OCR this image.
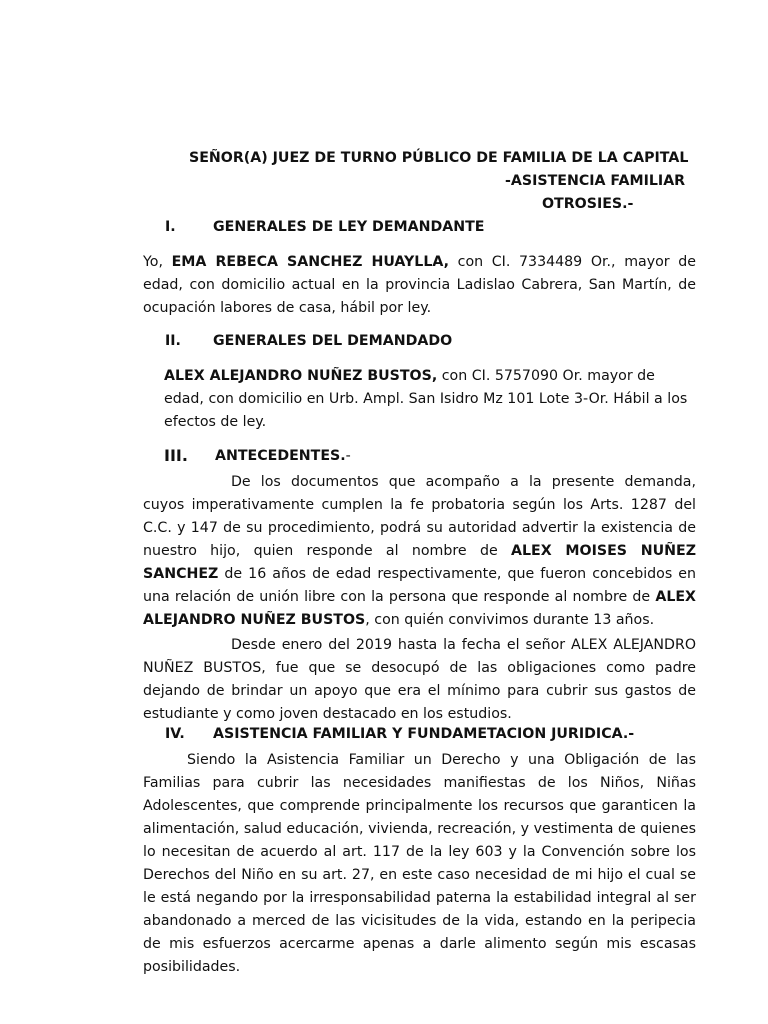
SEÑOR(A) JUEZ DE TURNO PÚBLICO DE FAMILIA DE LA CAPITAL
-ASISTENCIA FAMILIAR
OTROSIES.-
I.	GENERALES DE LEY DEMANDANTE

Yo, EMA REBECA SANCHEZ HUAYLLA, con CI. 7334489 Or., mayor de edad, con domicilio actual en la provincia Ladislao Cabrera, San Martín, de ocupación labores de casa, hábil por ley.

II. GENERALES DEL DEMANDADO

ALEX ALEJANDRO NUÑEZ BUSTOS, con CI. 5757090 Or. mayor de edad, con domicilio en Urb. Ampl. San Isidro Mz 101 Lote 3-Or. Hábil a los efectos de ley.

III. ANTECEDENTES.-

De los documentos que acompaño a la presente demanda, cuyos imperativamente cumplen la fe probatoria según los Arts. 1287 del C.C. y 147 de su procedimiento, podrá su autoridad advertir la existencia de nuestro hijo, quien responde al nombre de ALEX MOISES NUÑEZ SANCHEZ de 16 años de edad respectivamente, que fueron concebidos en una relación de unión libre con la persona que responde al nombre de ALEX ALEJANDRO NUÑEZ BUSTOS, con quién convivimos durante 13 años.

Desde enero del 2019 hasta la fecha el señor ALEX ALEJANDRO NUÑEZ BUSTOS, fue que se desocupó de las obligaciones como padre dejando de brindar un apoyo que era el mínimo para cubrir sus gastos de estudiante y como joven destacado en los estudios.

IV. ASISTENCIA FAMILIAR Y FUNDAMETACION JURIDICA.-

Siendo la Asistencia Familiar un Derecho y una Obligación de las Familias para cubrir las necesidades manifiestas de los Niños, Niñas Adolescentes, que comprende principalmente los recursos que garanticen la alimentación, salud educación, vivienda, recreación, y vestimenta de quienes lo necesitan de acuerdo al art. 117 de la ley 603 y la Convención sobre los Derechos del Niño en su art. 27, en este caso necesidad de mi hijo el cual se le está negando por la irresponsabilidad paterna la estabilidad integral al ser abandonado a merced de las vicisitudes de la vida, estando en la peripecia de mis esfuerzos acercarme apenas a darle alimento según mis escasas posibilidades.
